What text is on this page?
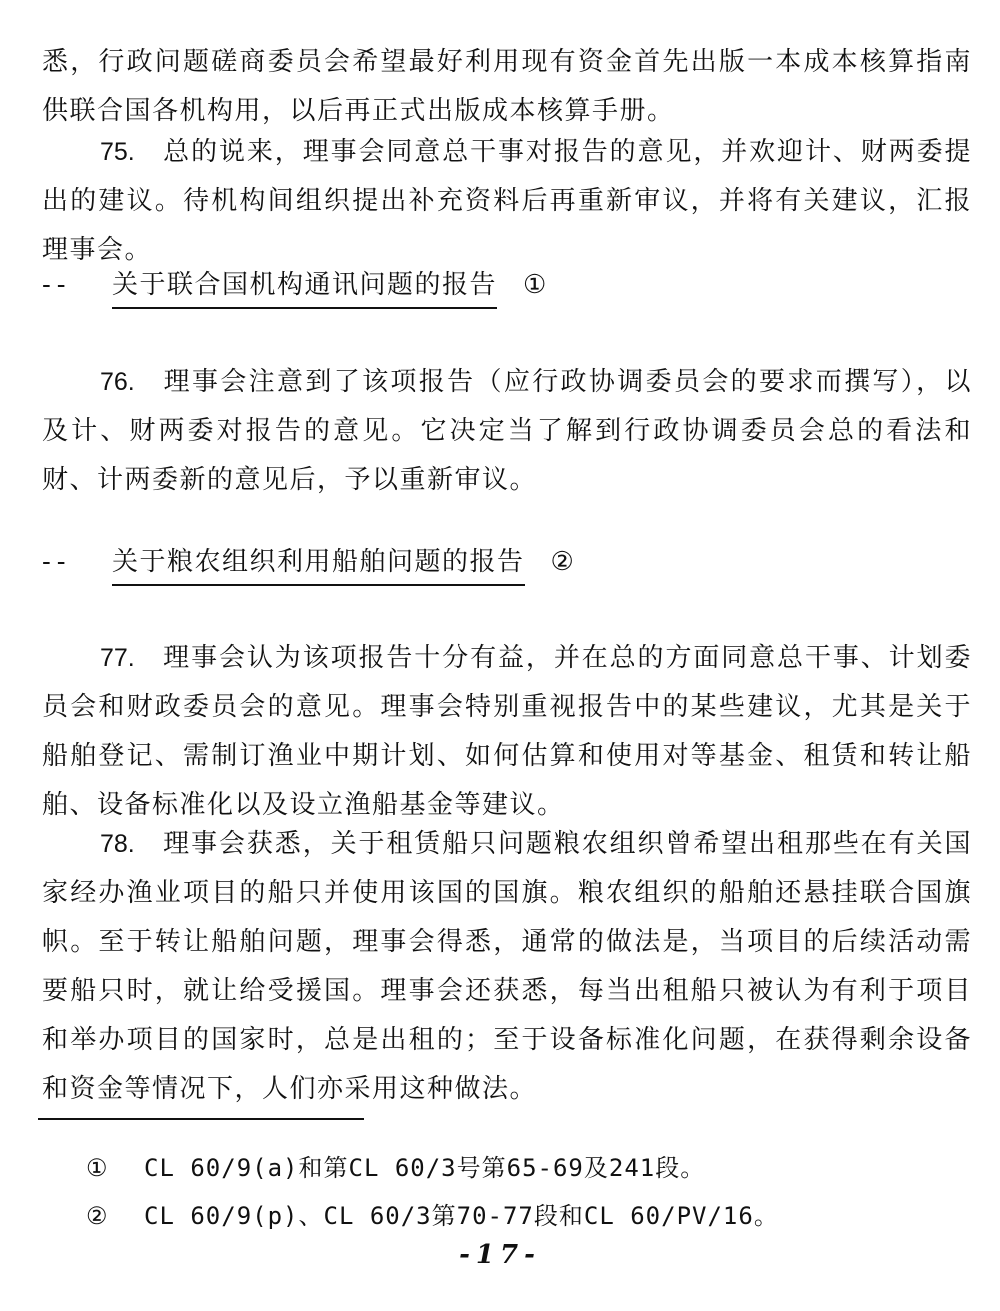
悉，行政问题磋商委员会希望最好利用现有资金首先出版一本成本核算指南供联合国各机构用，以后再正式出版成本核算手册。

75. 总的说来，理事会同意总干事对报告的意见，并欢迎计、财两委提出的建议。待机构间组织提出补充资料后再重新审议，并将有关建议，汇报理事会。

-- 关于联合国机构通讯问题的报告 ①

76. 理事会注意到了该项报告（应行政协调委员会的要求而撰写），以及计、财两委对报告的意见。它决定当了解到行政协调委员会总的看法和财、计两委新的意见后，予以重新审议。

-- 关于粮农组织利用船舶问题的报告 ②

77. 理事会认为该项报告十分有益，并在总的方面同意总干事、计划委员会和财政委员会的意见。理事会特别重视报告中的某些建议，尤其是关于船舶登记、需制订渔业中期计划、如何估算和使用对等基金、租赁和转让船舶、设备标准化以及设立渔船基金等建议。

78. 理事会获悉，关于租赁船只问题粮农组织曾希望出租那些在有关国家经办渔业项目的船只并使用该国的国旗。粮农组织的船舶还悬挂联合国旗帜。至于转让船舶问题，理事会得悉，通常的做法是，当项目的后续活动需要船只时，就让给受援国。理事会还获悉，每当出租船只被认为有利于项目和举办项目的国家时，总是出租的；至于设备标准化问题，在获得剩余设备和资金等情况下，人们亦采用这种做法。

① CL 60/9(a)和第CL 60/3号第65-69及241段。
② CL 60/9(p)、CL 60/3第70-77段和CL 60/PV/16。
-17-
